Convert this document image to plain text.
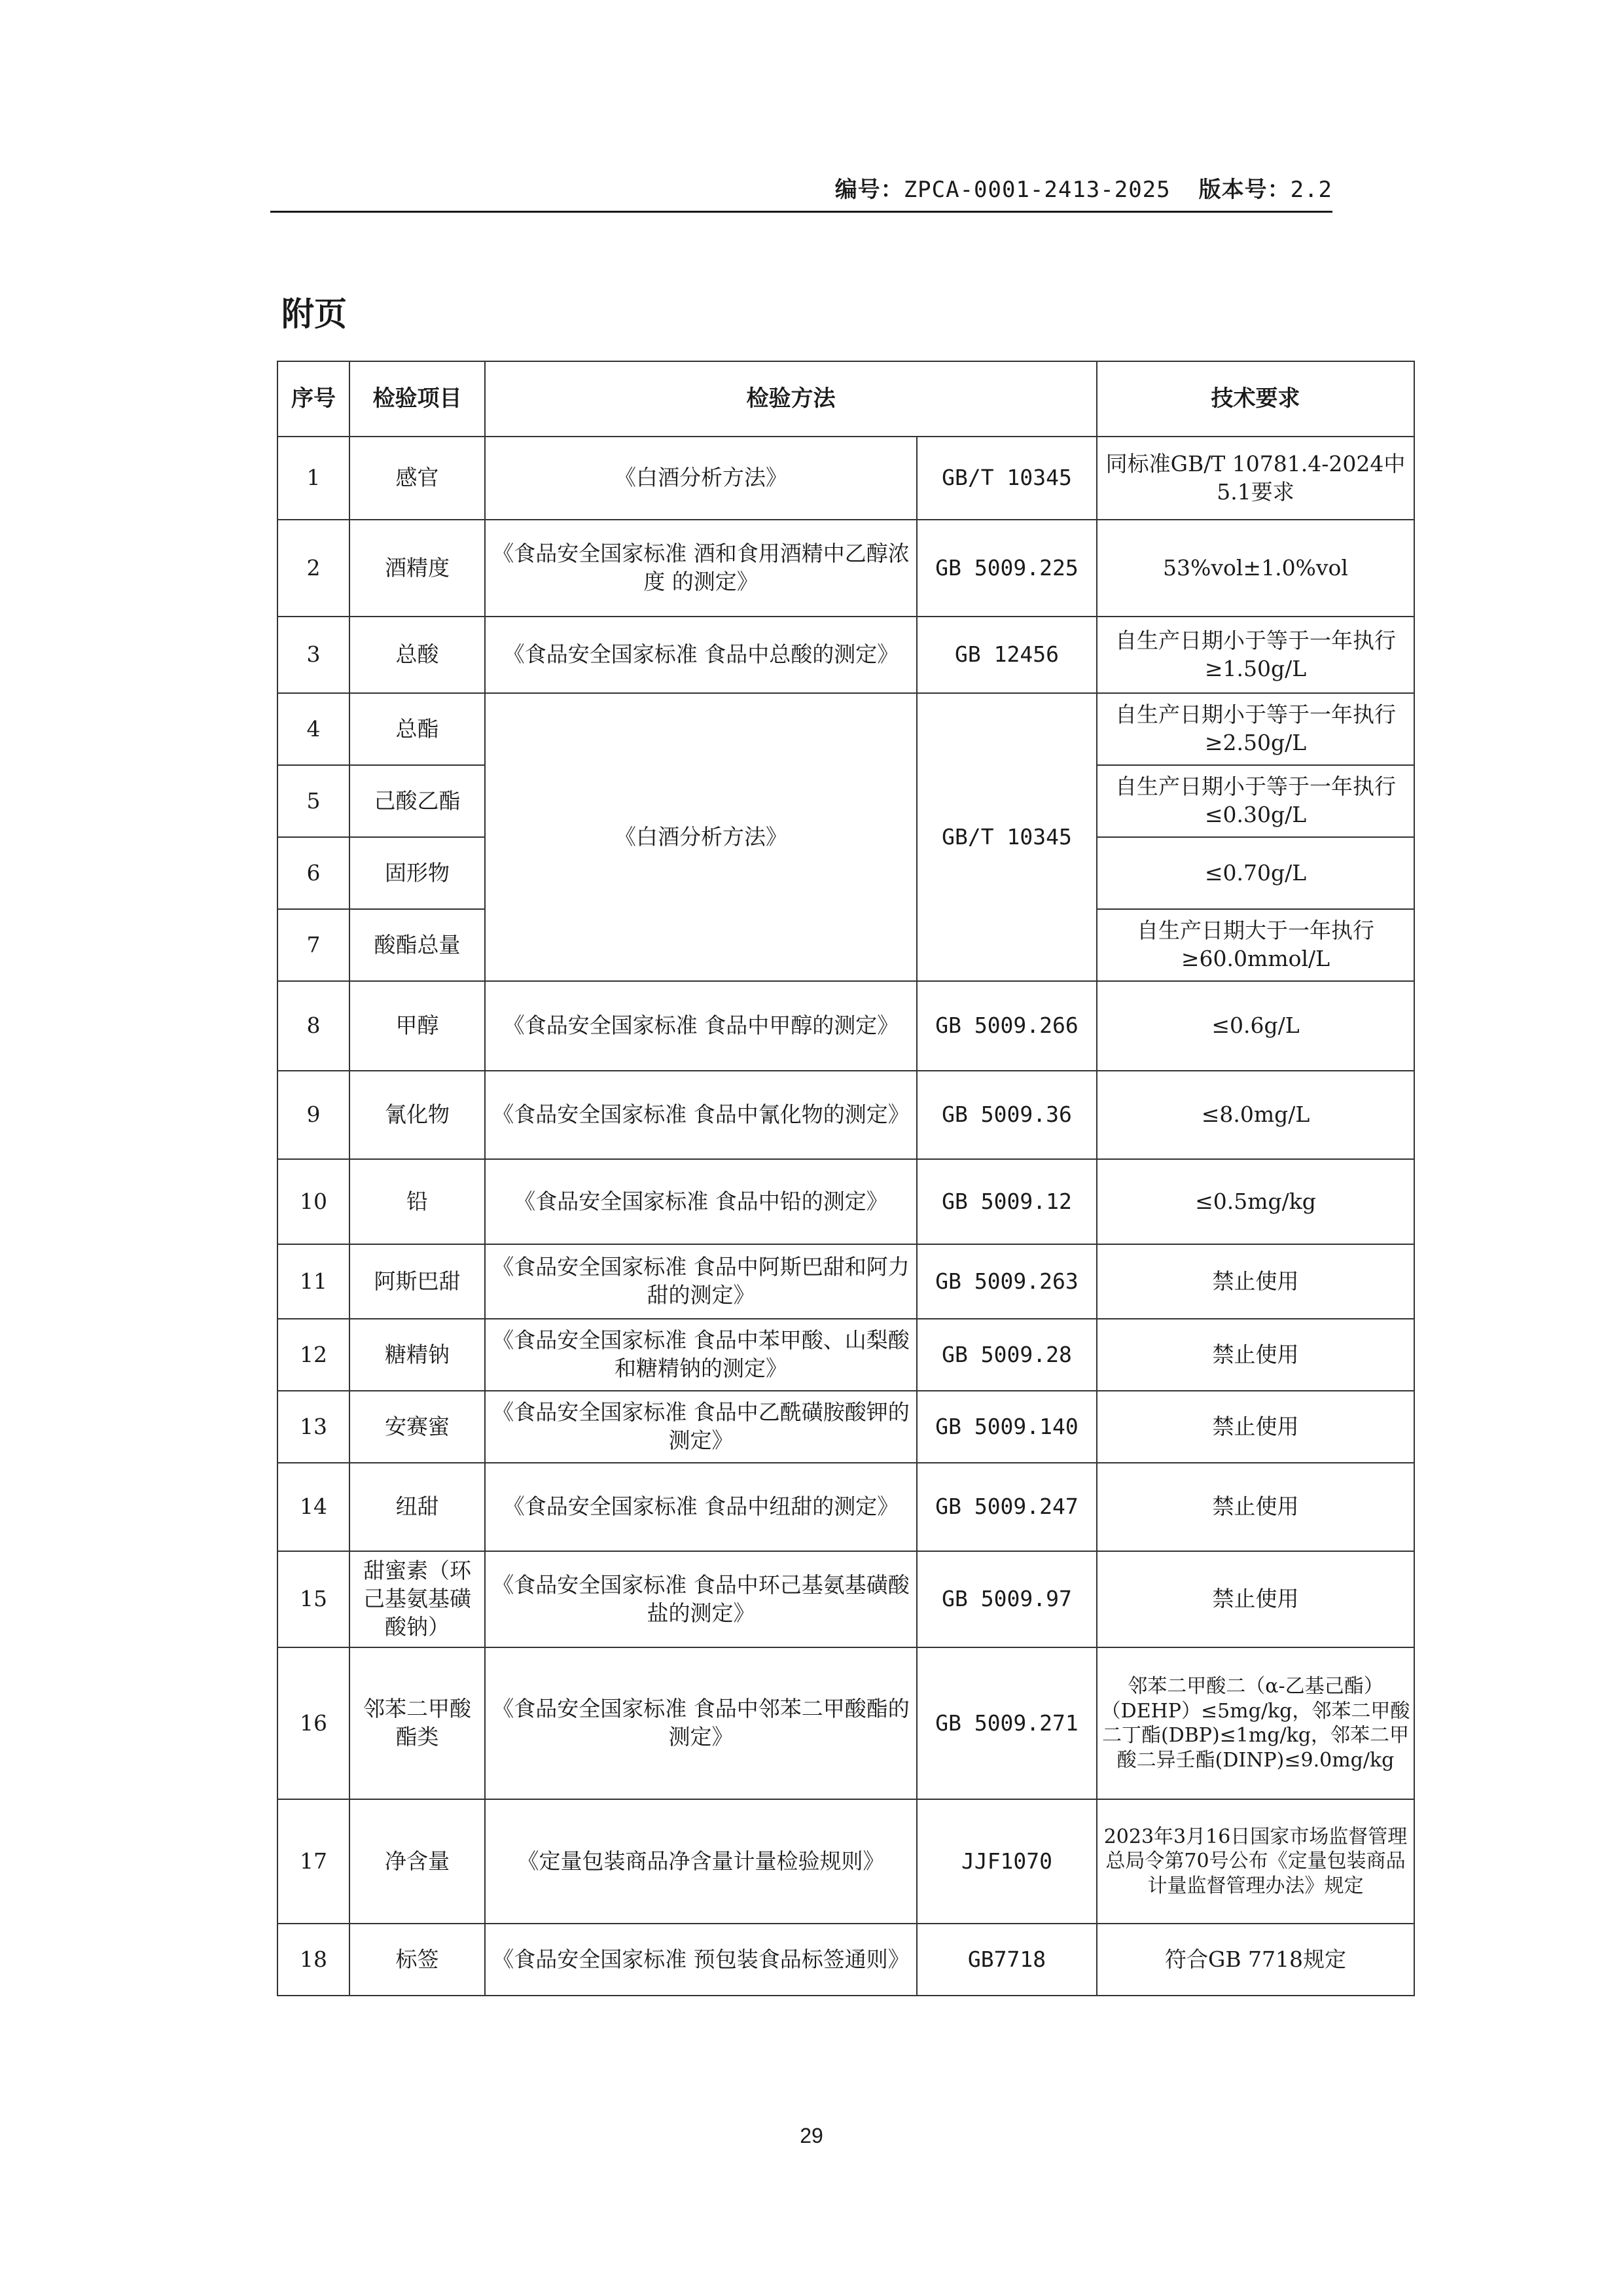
编号：ZPCA-0001-2413-2025 版本号：2.2
附页
序号	检验项目	检验方法		技术要求
1	感官	《白酒分析方法》	GB/T 10345	同标准GB/T 10781.4-2024中5.1要求
2	酒精度	《食品安全国家标准 酒和食用酒精中乙醇浓度 的测定》	GB 5009.225	53%vol±1.0%vol
3	总酸	《食品安全国家标准 食品中总酸的测定》	GB 12456	自生产日期小于等于一年执行≥1.50g/L
4	总酯	《白酒分析方法》	GB/T 10345	自生产日期小于等于一年执行≥2.50g/L
5	己酸乙酯			自生产日期小于等于一年执行≤0.30g/L
6	固形物			≤0.70g/L
7	酸酯总量			自生产日期大于一年执行≥60.0mmol/L
8	甲醇	《食品安全国家标准 食品中甲醇的测定》	GB 5009.266	≤0.6g/L
9	氰化物	《食品安全国家标准 食品中氰化物的测定》	GB 5009.36	≤8.0mg/L
10	铅	《食品安全国家标准 食品中铅的测定》	GB 5009.12	≤0.5mg/kg
11	阿斯巴甜	《食品安全国家标准 食品中阿斯巴甜和阿力甜的测定》	GB 5009.263	禁止使用
12	糖精钠	《食品安全国家标准 食品中苯甲酸、山梨酸和糖精钠的测定》	GB 5009.28	禁止使用
13	安赛蜜	《食品安全国家标准 食品中乙酰磺胺酸钾的测定》	GB 5009.140	禁止使用
14	纽甜	《食品安全国家标准 食品中纽甜的测定》	GB 5009.247	禁止使用
15	甜蜜素（环己基氨基磺酸钠）	《食品安全国家标准 食品中环己基氨基磺酸盐的测定》	GB 5009.97	禁止使用
16	邻苯二甲酸酯类	《食品安全国家标准 食品中邻苯二甲酸酯的测定》	GB 5009.271	邻苯二甲酸二（α-乙基己酯）（DEHP）≤5mg/kg，邻苯二甲酸二丁酯(DBP)≤1mg/kg，邻苯二甲酸二异壬酯(DINP)≤9.0mg/kg
17	净含量	《定量包装商品净含量计量检验规则》	JJF1070	2023年3月16日国家市场监督管理总局令第70号公布《定量包装商品计量监督管理办法》规定
18	标签	《食品安全国家标准 预包装食品标签通则》	GB7718	符合GB 7718规定
29
